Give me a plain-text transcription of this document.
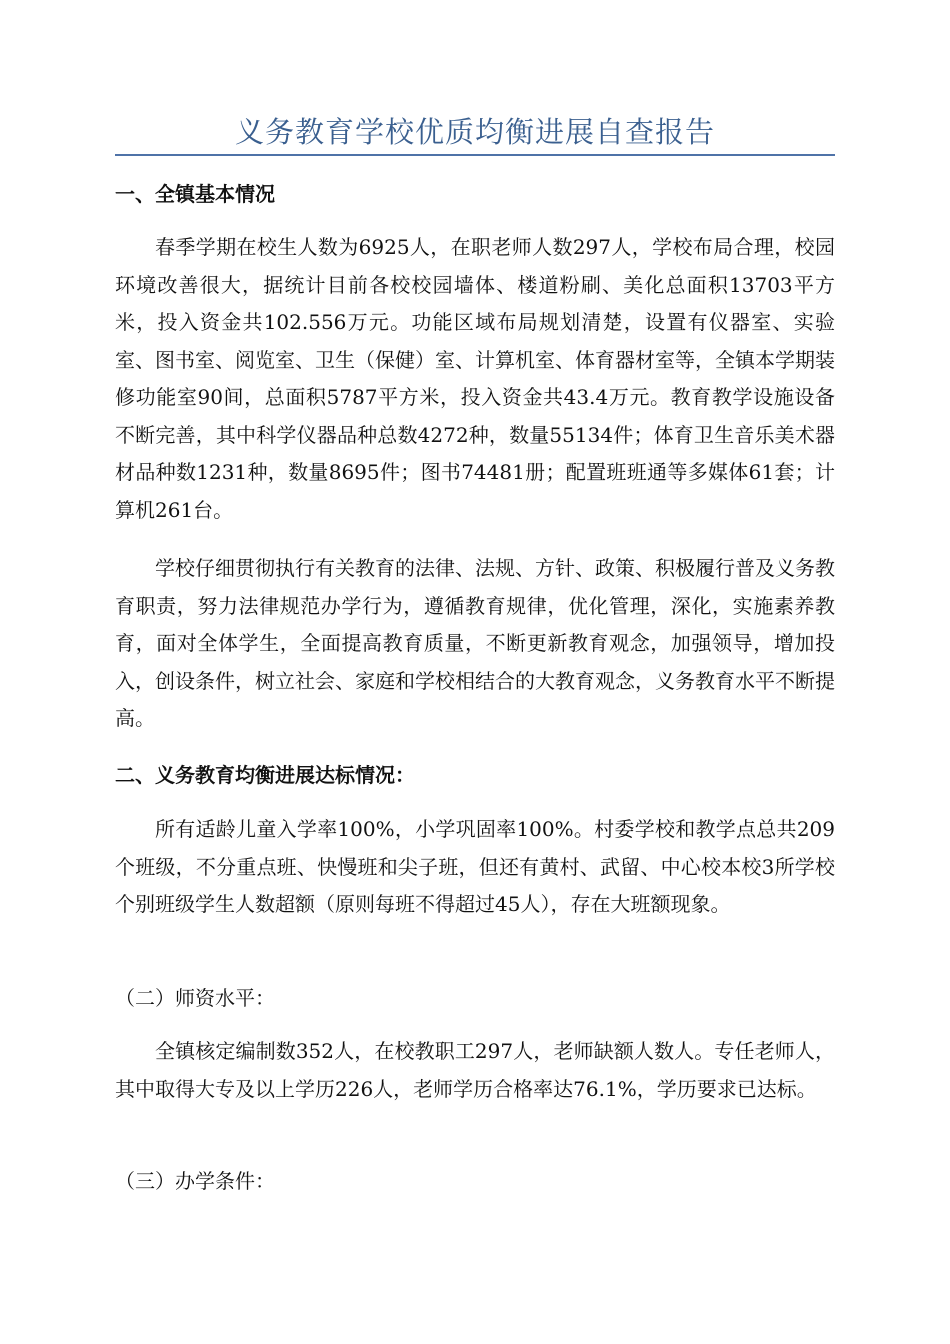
义务教育学校优质均衡进展自查报告
一、全镇基本情况
春季学期在校生人数为6925人，在职老师人数297人，学校布局合理，校园环境改善很大，据统计目前各校校园墙体、楼道粉刷、美化总面积13703平方米，投入资金共102.556万元。功能区域布局规划清楚，设置有仪器室、实验室、图书室、阅览室、卫生（保健）室、计算机室、体育器材室等，全镇本学期装修功能室90间，总面积5787平方米，投入资金共43.4万元。教育教学设施设备不断完善，其中科学仪器品种总数4272种，数量55134件；体育卫生音乐美术器材品种数1231种，数量8695件；图书74481册；配置班班通等多媒体61套；计算机261台。
学校仔细贯彻执行有关教育的法律、法规、方针、政策、积极履行普及义务教育职责，努力法律规范办学行为，遵循教育规律，优化管理，深化，实施素养教育，面对全体学生，全面提高教育质量，不断更新教育观念，加强领导，增加投入，创设条件，树立社会、家庭和学校相结合的大教育观念，义务教育水平不断提高。
二、义务教育均衡进展达标情况：
所有适龄儿童入学率100%，小学巩固率100%。村委学校和教学点总共209个班级，不分重点班、快慢班和尖子班，但还有黄村、武留、中心校本校3所学校个别班级学生人数超额（原则每班不得超过45人），存在大班额现象。
（二）师资水平：
全镇核定编制数352人，在校教职工297人，老师缺额人数人。专任老师人，其中取得大专及以上学历226人，老师学历合格率达76.1%，学历要求已达标。
（三）办学条件：
